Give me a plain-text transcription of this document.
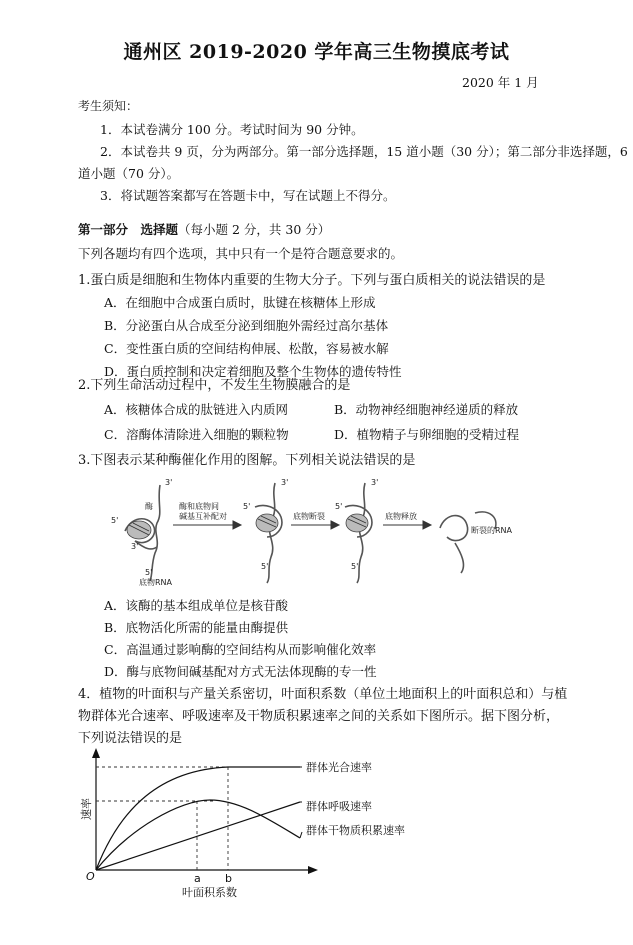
通州区 2019-2020 学年高三生物摸底考试
2020 年 1 月
考生须知：
1．本试卷满分 100 分。考试时间为 90 分钟。
2．本试卷共 9 页，分为两部分。第一部分选择题，15 道小题（30 分）；第二部分非选择题，6
道小题（70 分）。
3．将试题答案都写在答题卡中，写在试题上不得分。
第一部分　选择题（每小题 2 分，共 30 分）
下列各题均有四个选项，其中只有一个是符合题意要求的。
1.蛋白质是细胞和生物体内重要的生物大分子。下列与蛋白质相关的说法错误的是
A．在细胞中合成蛋白质时，肽键在核糖体上形成
B．分泌蛋白从合成至分泌到细胞外需经过高尔基体
C．变性蛋白质的空间结构伸展、松散，容易被水解
D．蛋白质控制和决定着细胞及整个生物体的遗传特性
2.下列生命活动过程中，不发生生物膜融合的是
A．核糖体合成的肽链进入内质网	B．动物神经细胞神经递质的释放
C．溶酶体清除进入细胞的颗粒物	D．植物精子与卵细胞的受精过程
3.下图表示某种酶催化作用的图解。下列相关说法错误的是
酶	酶和底物间
碱基互补配对	底物断裂	底物释放
断裂的RNA
底物RNA
3'
5'
3'
5'
3'
5'
5'
3'
5'
5'
A．该酶的基本组成单位是核苷酸
B．底物活化所需的能量由酶提供
C．高温通过影响酶的空间结构从而影响催化效率
D．酶与底物间碱基配对方式无法体现酶的专一性
4．植物的叶面积与产量关系密切，叶面积系数（单位土地面积上的叶面积总和）与植
物群体光合速率、呼吸速率及干物质积累速率之间的关系如下图所示。据下图分析，
下列说法错误的是
群体光合速率
群体呼吸速率
群体干物质积累速率
a b
O
叶面积系数
速率
